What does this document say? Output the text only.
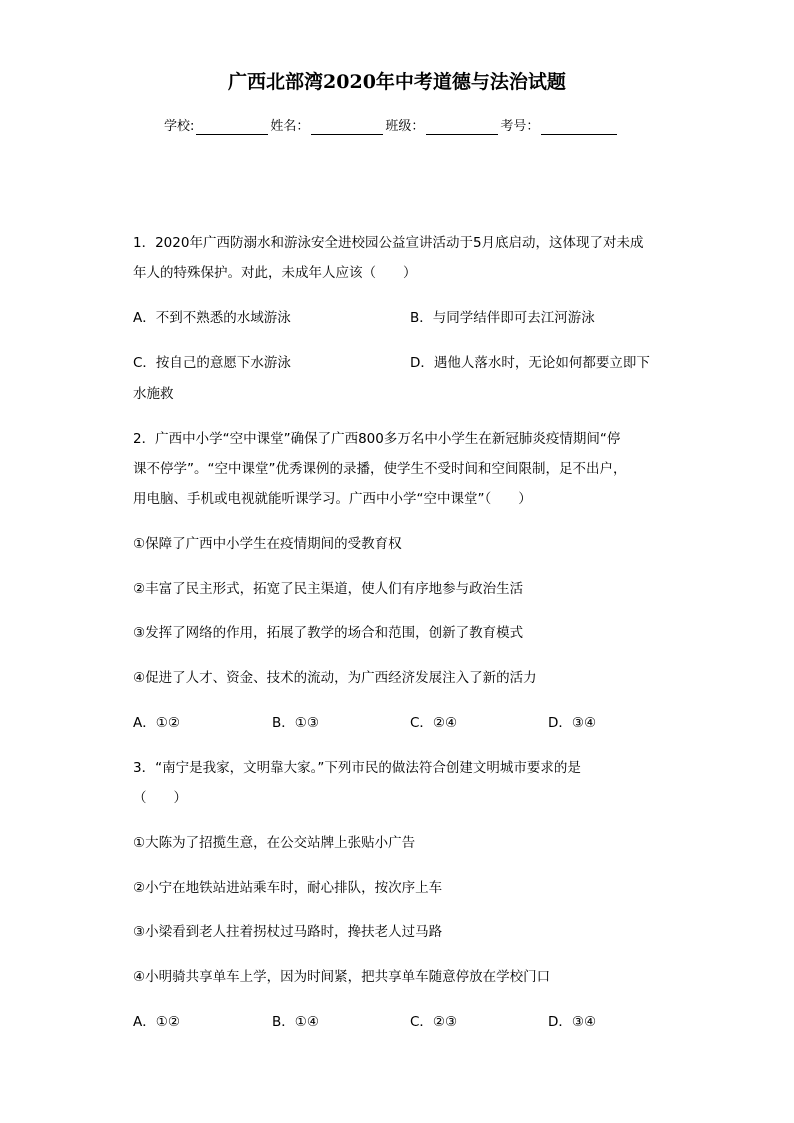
广西北部湾2020年中考道德与法治试题
学校:	姓名：	班级：	考号：
1．2020年广西防溺水和游泳安全进校园公益宣讲活动于5月底启动，这体现了对未成
年人的特殊保护。对此，未成年人应该（　　）
A．不到不熟悉的水域游泳	B．与同学结伴即可去江河游泳
C．按自己的意愿下水游泳	D．遇他人落水时，无论如何都要立即下
水施救
2．广西中小学“空中课堂”确保了广西800多万名中小学生在新冠肺炎疫情期间“停
课不停学”。“空中课堂”优秀课例的录播，使学生不受时间和空间限制，足不出户，
用电脑、手机或电视就能听课学习。广西中小学“空中课堂”（　　）
①保障了广西中小学生在疫情期间的受教育权
②丰富了民主形式，拓宽了民主渠道，使人们有序地参与政治生活
③发挥了网络的作用，拓展了教学的场合和范围，创新了教育模式
④促进了人才、资金、技术的流动，为广西经济发展注入了新的活力
A．①②	B．①③	C．②④	D．③④
3．“南宁是我家，文明靠大家。”下列市民的做法符合创建文明城市要求的是
（　　）
①大陈为了招揽生意，在公交站牌上张贴小广告
②小宁在地铁站进站乘车时，耐心排队，按次序上车
③小梁看到老人拄着拐杖过马路时，搀扶老人过马路
④小明骑共享单车上学，因为时间紧，把共享单车随意停放在学校门口
A．①②	B．①④	C．②③	D．③④
